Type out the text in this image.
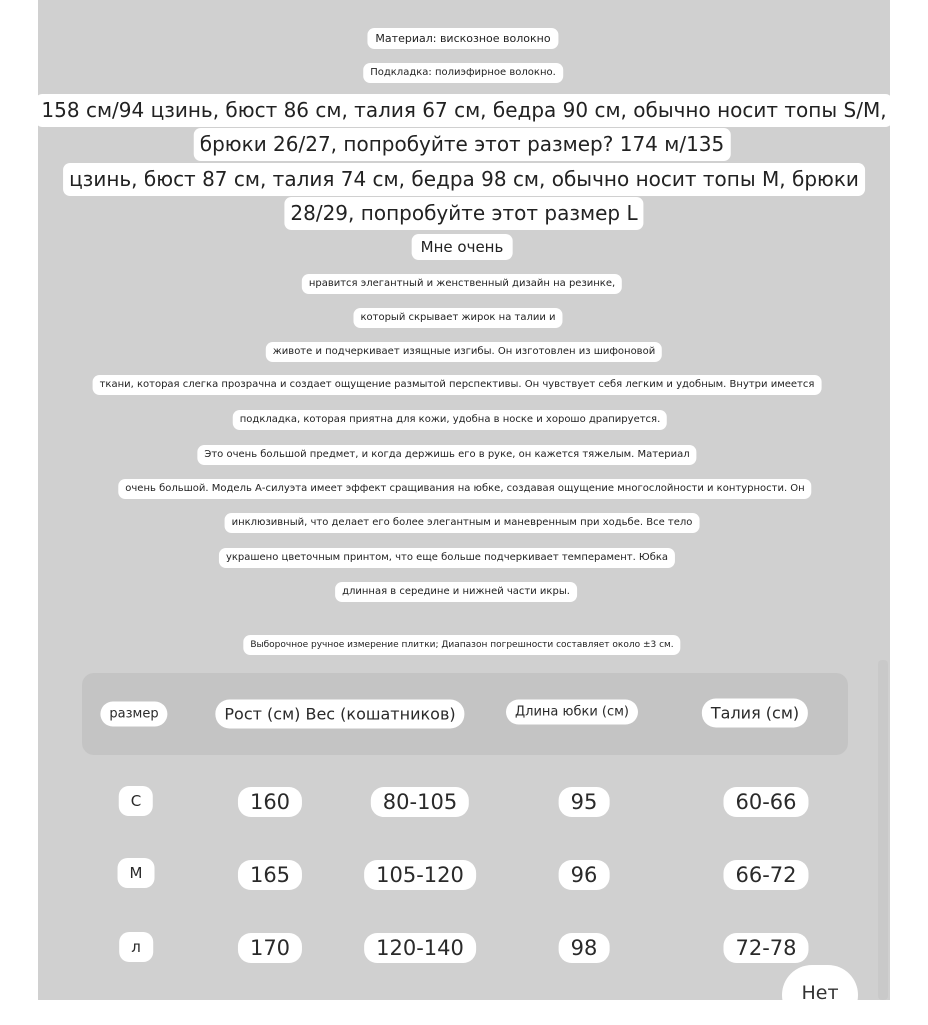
Материал: вискозное волокно
Подкладка: полиэфирное волокно.
158 см/94 цзинь, бюст 86 см, талия 67 см, бедра 90 см, обычно носит топы S/M,
брюки 26/27, попробуйте этот размер? 174 м/135
цзинь, бюст 87 см, талия 74 см, бедра 98 см, обычно носит топы M, брюки
28/29, попробуйте этот размер L
Мне очень
нравится элегантный и женственный дизайн на резинке,
который скрывает жирок на талии и
животе и подчеркивает изящные изгибы. Он изготовлен из шифоновой
ткани, которая слегка прозрачна и создает ощущение размытой перспективы. Он чувствует себя легким и удобным. Внутри имеется
подкладка, которая приятна для кожи, удобна в носке и хорошо драпируется.
Это очень большой предмет, и когда держишь его в руке, он кажется тяжелым. Материал
очень большой. Модель А-силуэта имеет эффект сращивания на юбке, создавая ощущение многослойности и контурности. Он
инклюзивный, что делает его более элегантным и маневренным при ходьбе. Все тело
украшено цветочным принтом, что еще больше подчеркивает темперамент. Юбка
длинная в середине и нижней части икры.
Выборочное ручное измерение плитки; Диапазон погрешности составляет около ±3 см.
размер	Рост (см) Вес (кошатников)	Длина юбки (см)	Талия (см)
С	160	80-105	95	60-66
М	165	105-120	96	66-72
л	170	120-140	98	72-78
Нет
